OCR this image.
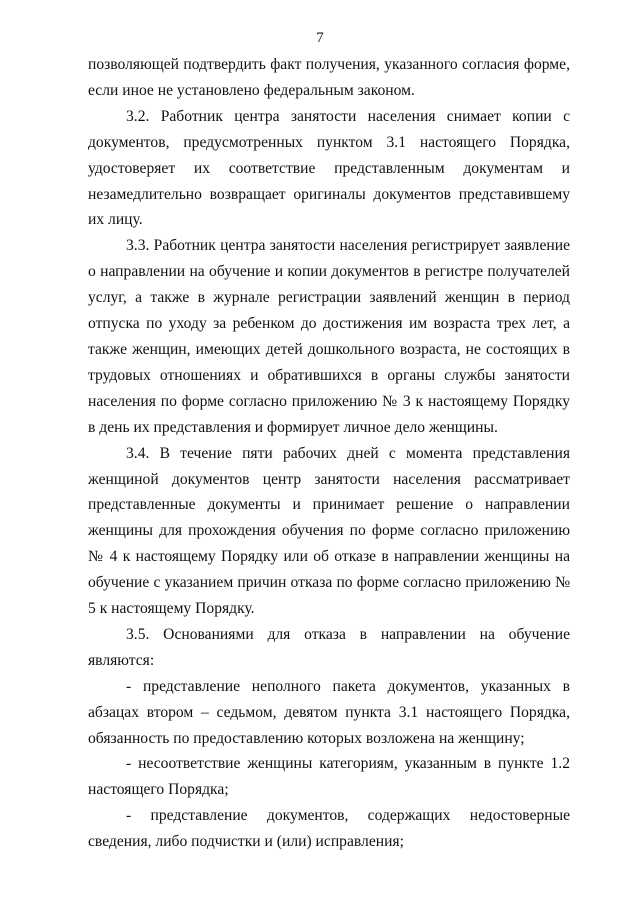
7

позволяющей подтвердить факт получения, указанного согласия форме, если иное не установлено федеральным законом.

3.2. Работник центра занятости населения снимает копии с документов, предусмотренных пунктом 3.1 настоящего Порядка, удостоверяет их соответствие представленным документам и незамедлительно возвращает оригиналы документов представившему их лицу.

3.3. Работник центра занятости населения регистрирует заявление о направлении на обучение и копии документов в регистре получателей услуг, а также в журнале регистрации заявлений женщин в период отпуска по уходу за ребенком до достижения им возраста трех лет, а также женщин, имеющих детей дошкольного возраста, не состоящих в трудовых отношениях и обратившихся в органы службы занятости населения по форме согласно приложению № 3 к настоящему Порядку в день их представления и формирует личное дело женщины.

3.4. В течение пяти рабочих дней с момента представления женщиной документов центр занятости населения рассматривает представленные документы и принимает решение о направлении женщины для прохождения обучения по форме согласно приложению № 4 к настоящему Порядку или об отказе в направлении женщины на обучение с указанием причин отказа по форме согласно приложению № 5 к настоящему Порядку.

3.5. Основаниями для отказа в направлении на обучение являются:

- представление неполного пакета документов, указанных в абзацах втором – седьмом, девятом пункта 3.1 настоящего Порядка, обязанность по предоставлению которых возложена на женщину;

- несоответствие женщины категориям, указанным в пункте 1.2 настоящего Порядка;

- представление документов, содержащих недостоверные сведения, либо подчистки и (или) исправления;
